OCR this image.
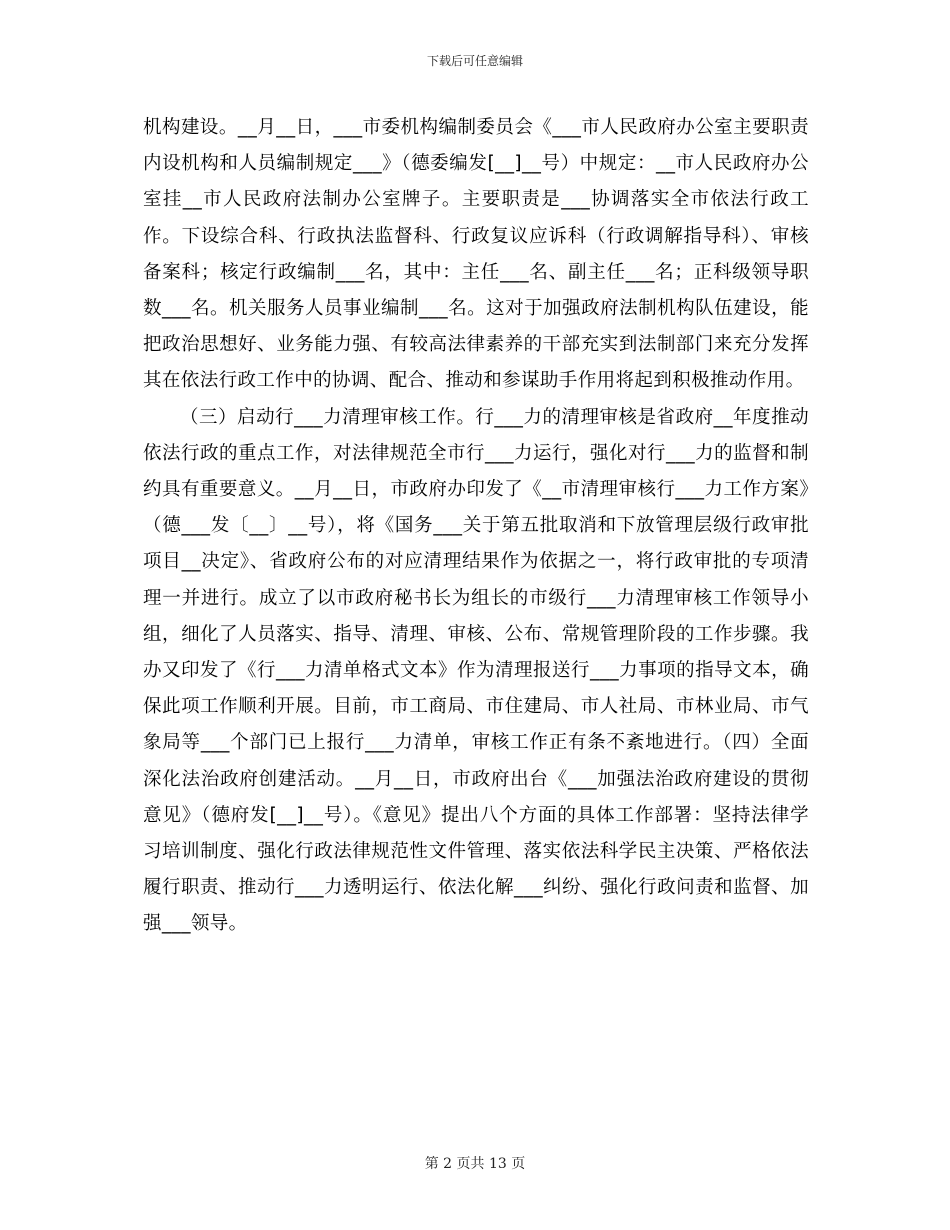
下载后可任意编辑

机构建设。__月__日，___市委机构编制委员会《___市人民政府办公室主要职责内设机构和人员编制规定___》（德委编发[__]__号）中规定：__市人民政府办公室挂__市人民政府法制办公室牌子。主要职责是___协调落实全市依法行政工作。下设综合科、行政执法监督科、行政复议应诉科（行政调解指导科）、审核备案科；核定行政编制___名，其中：主任___名、副主任___名；正科级领导职数___名。机关服务人员事业编制___名。这对于加强政府法制机构队伍建设，能把政治思想好、业务能力强、有较高法律素养的干部充实到法制部门来充分发挥其在依法行政工作中的协调、配合、推动和参谋助手作用将起到积极推动作用。

（三）启动行___力清理审核工作。行___力的清理审核是省政府__年度推动依法行政的重点工作，对法律规范全市行___力运行，强化对行___力的监督和制约具有重要意义。__月__日，市政府办印发了《__市清理审核行___力工作方案》（德___发〔__〕__号），将《国务___关于第五批取消和下放管理层级行政审批项目__决定》、省政府公布的对应清理结果作为依据之一，将行政审批的专项清理一并进行。成立了以市政府秘书长为组长的市级行___力清理审核工作领导小组，细化了人员落实、指导、清理、审核、公布、常规管理阶段的工作步骤。我办又印发了《行___力清单格式文本》作为清理报送行___力事项的指导文本，确保此项工作顺利开展。目前，市工商局、市住建局、市人社局、市林业局、市气象局等___个部门已上报行___力清单，审核工作正有条不紊地进行。（四）全面深化法治政府创建活动。__月__日，市政府出台《___加强法治政府建设的贯彻意见》（德府发[__]__号）。《意见》提出八个方面的具体工作部署：坚持法律学习培训制度、强化行政法律规范性文件管理、落实依法科学民主决策、严格依法履行职责、推动行___力透明运行、依法化解___纠纷、强化行政问责和监督、加强___领导。

第 2 页共 13 页
